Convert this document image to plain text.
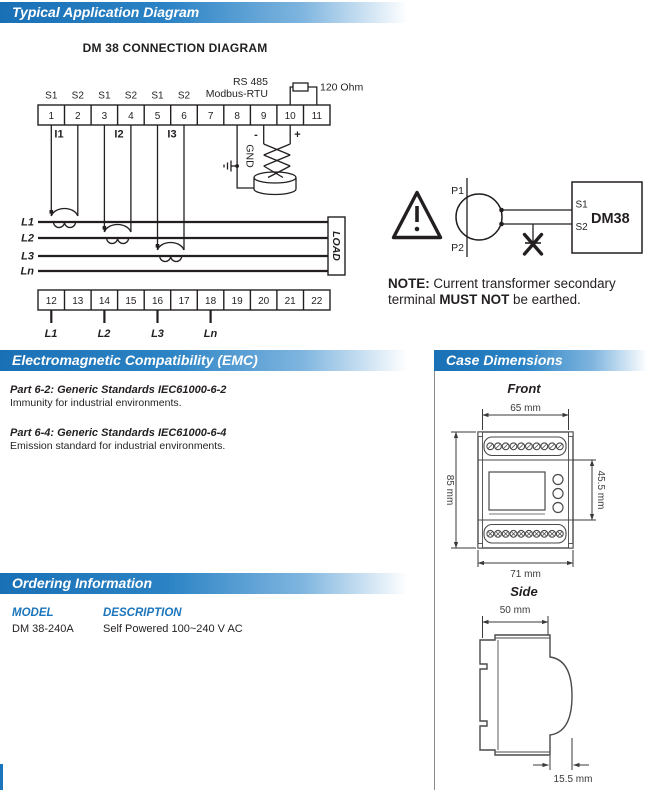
Typical Application Diagram
DM 38 CONNECTION DIAGRAM
S1 S2 S1 S2 S1 S2
RS 485
Modbus-RTU
120 Ohm
1 2 3 4 5 6 7 8 9 10 11
I1	I2	I3
GND
-	+
L1
L2
L3
Ln
LOAD
12 13 14 15 16 17 18 19 20 21 22
L1	L2	L3	Ln
P1
P2
S1
S2
DM38
NOTE: Current transformer secondary terminal MUST NOT be earthed.
Electromagnetic Compatibility (EMC)
Part 6-2: Generic Standards IEC61000-6-2
Immunity for industrial environments.
Part 6-4: Generic Standards IEC61000-6-4
Emission standard for industrial environments.
Ordering Information
MODEL	DESCRIPTION
DM 38-240A	Self Powered 100~240 V AC
Case Dimensions
Front
65 mm
85 mm	45.5 mm
71 mm
Side
50 mm
15.5 mm
